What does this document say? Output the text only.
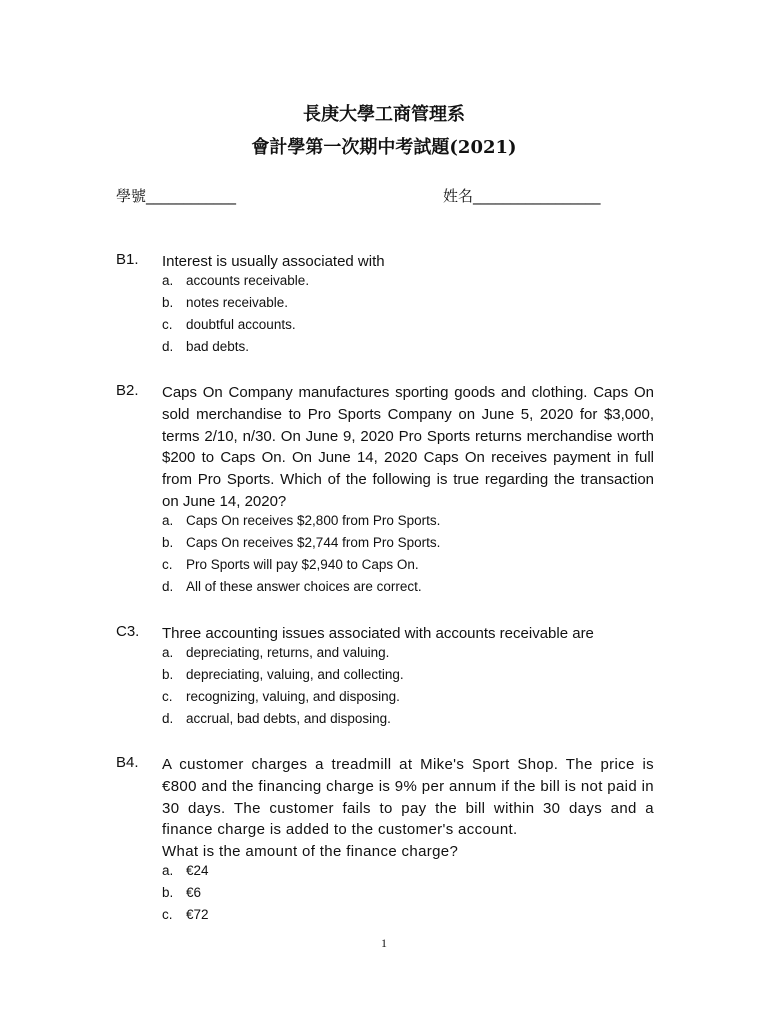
長庚大學工商管理系
會計學第一次期中考試題(2021)
學號____________	姓名_________________
B1. Interest is usually associated with

a. accounts receivable.
b. notes receivable.
c. doubtful accounts.
d. bad debts.
B2. Caps On Company manufactures sporting goods and clothing. Caps On sold merchandise to Pro Sports Company on June 5, 2020 for $3,000, terms 2/10, n/30. On June 9, 2020 Pro Sports returns merchandise worth $200 to Caps On. On June 14, 2020 Caps On receives payment in full from Pro Sports. Which of the following is true regarding the transaction on June 14, 2020?

a. Caps On receives $2,800 from Pro Sports.
b. Caps On receives $2,744 from Pro Sports.
c. Pro Sports will pay $2,940 to Caps On.
d. All of these answer choices are correct.
C3. Three accounting issues associated with accounts receivable are

a. depreciating, returns, and valuing.
b. depreciating, valuing, and collecting.
c. recognizing, valuing, and disposing.
d. accrual, bad debts, and disposing.
B4. A customer charges a treadmill at Mike's Sport Shop. The price is €800 and the financing charge is 9% per annum if the bill is not paid in 30 days. The customer fails to pay the bill within 30 days and a finance charge is added to the customer's account.

What is the amount of the finance charge?

a. €24
b. €6
c. €72
1
